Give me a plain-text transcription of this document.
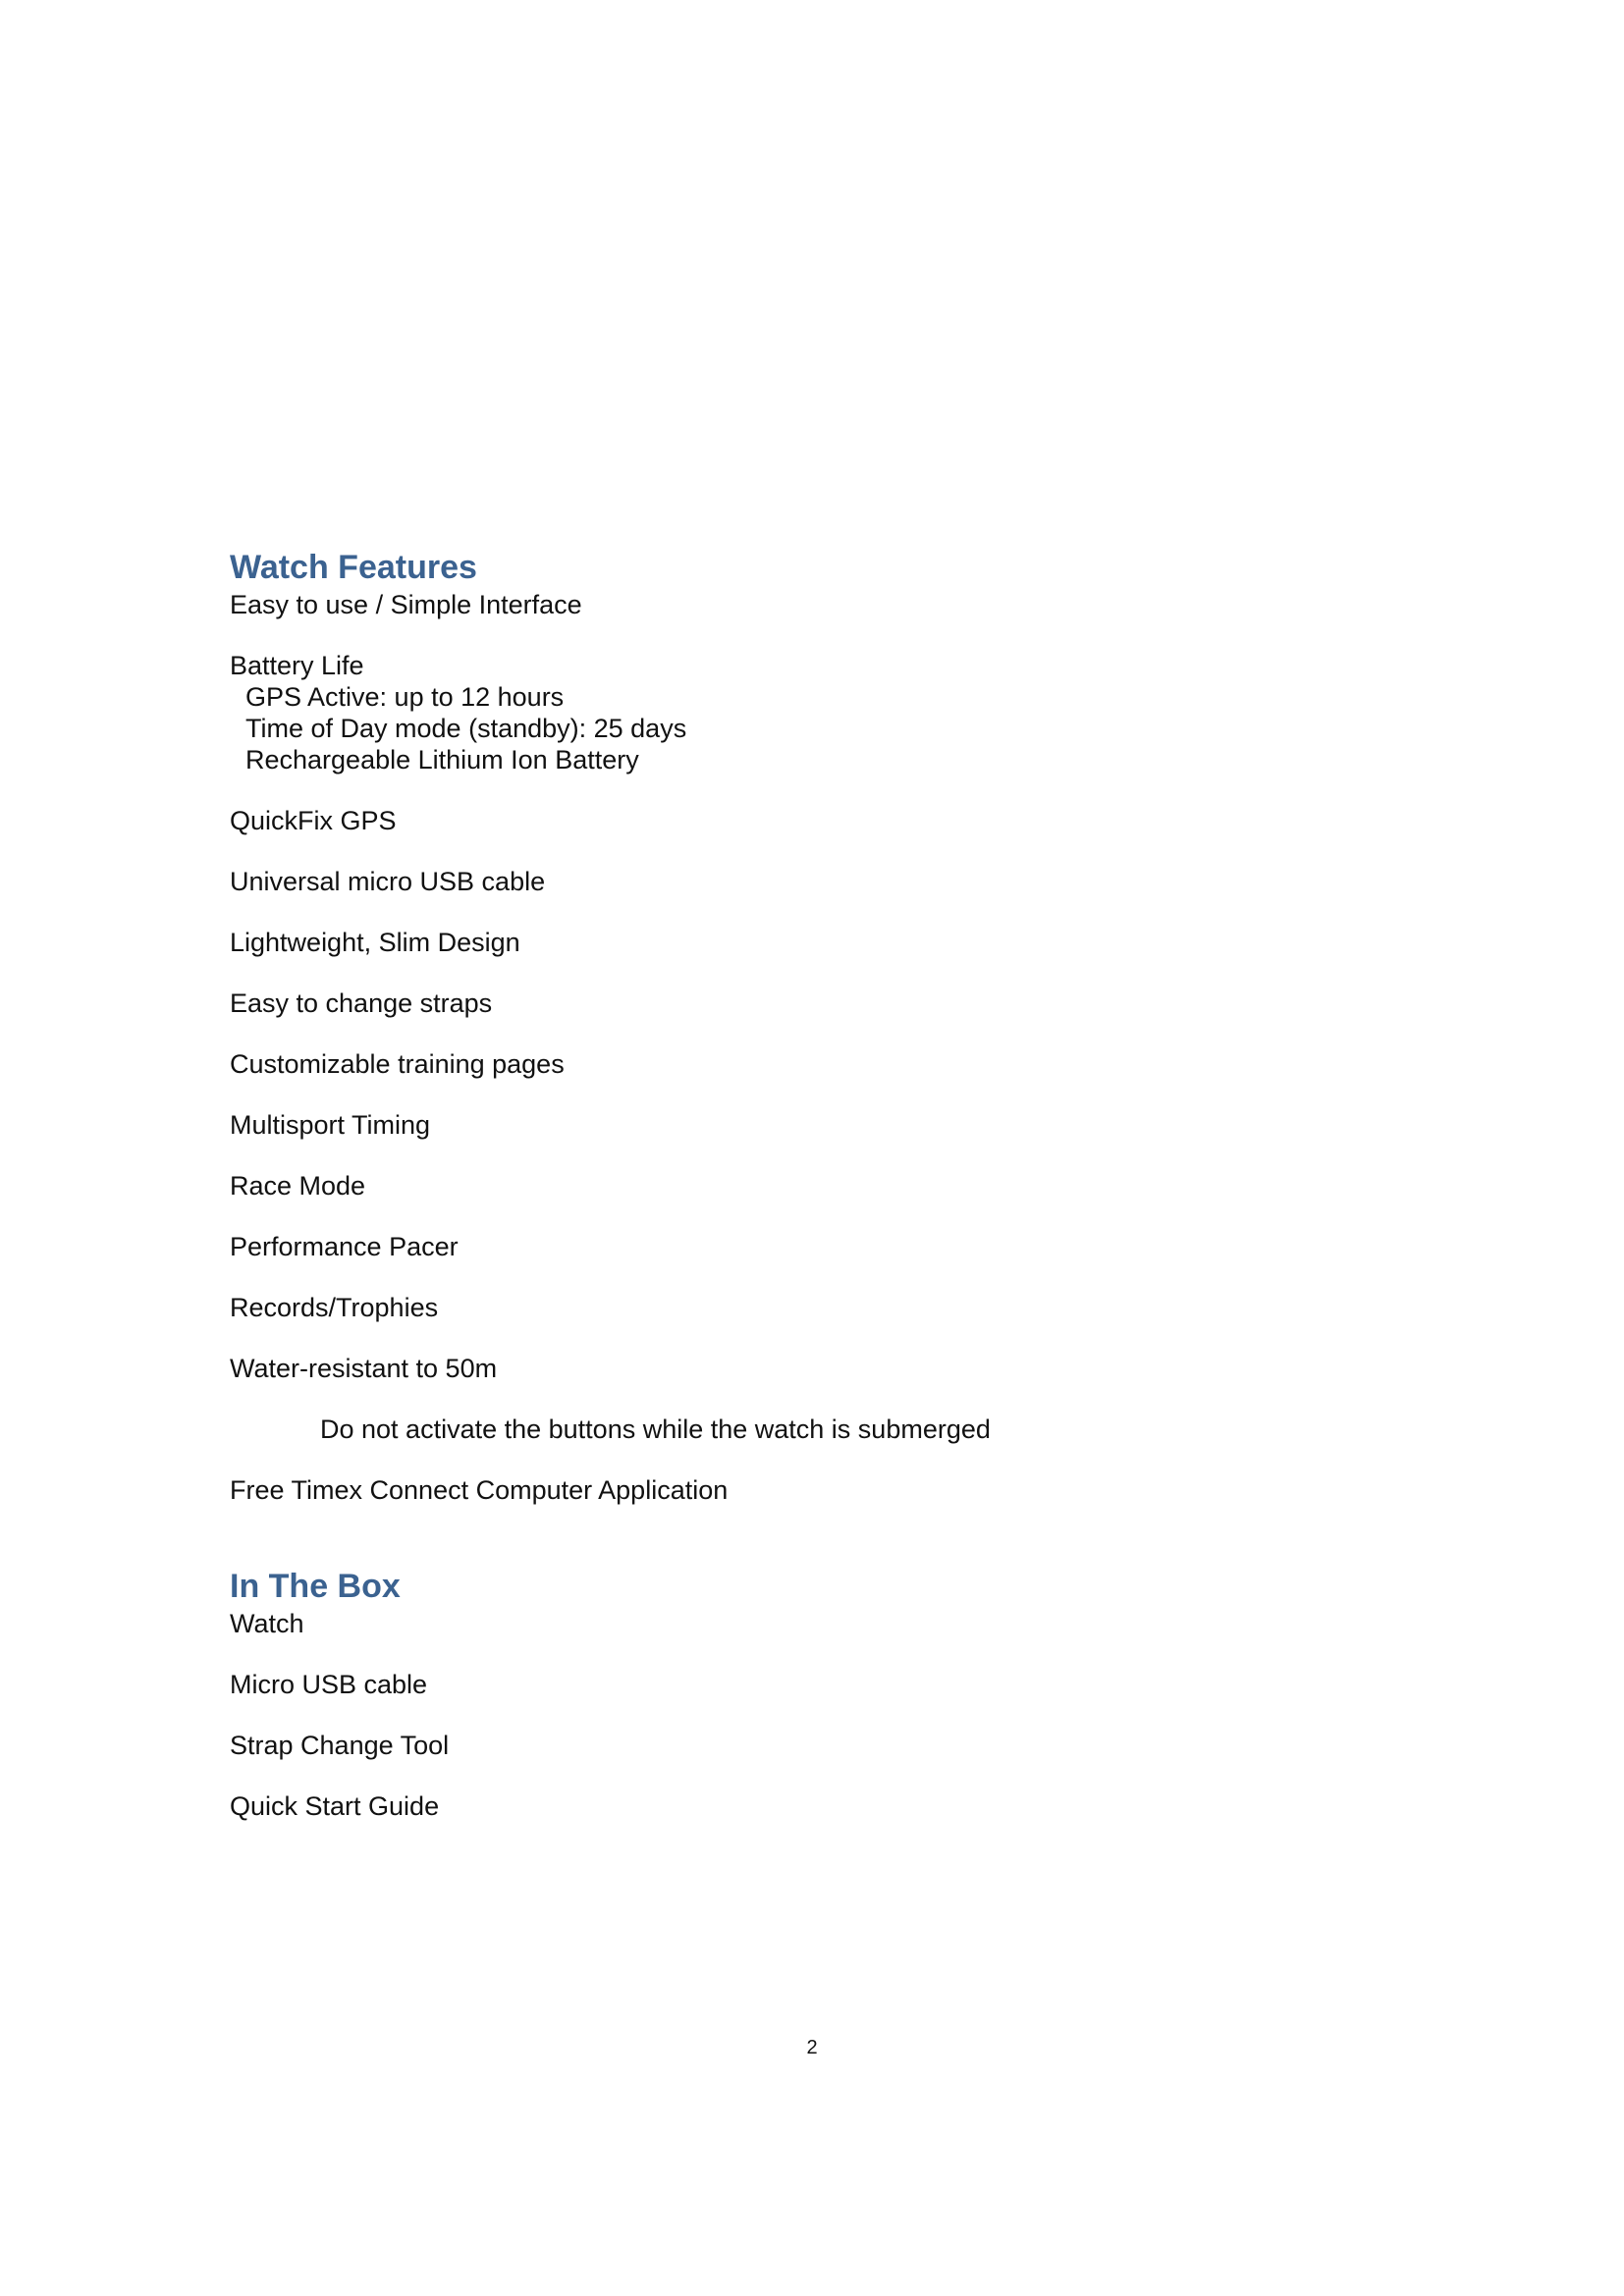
Watch Features

Easy to use / Simple Interface

Battery Life

GPS Active: up to 12 hours

Time of Day mode (standby): 25 days

Rechargeable Lithium Ion Battery

QuickFix GPS

Universal micro USB cable

Lightweight, Slim Design

Easy to change straps

Customizable training pages

Multisport Timing

Race Mode

Performance Pacer

Records/Trophies

Water-resistant to 50m

Do not activate the buttons while the watch is submerged

Free Timex Connect Computer Application

In The Box

Watch

Micro USB cable

Strap Change Tool

Quick Start Guide

2
